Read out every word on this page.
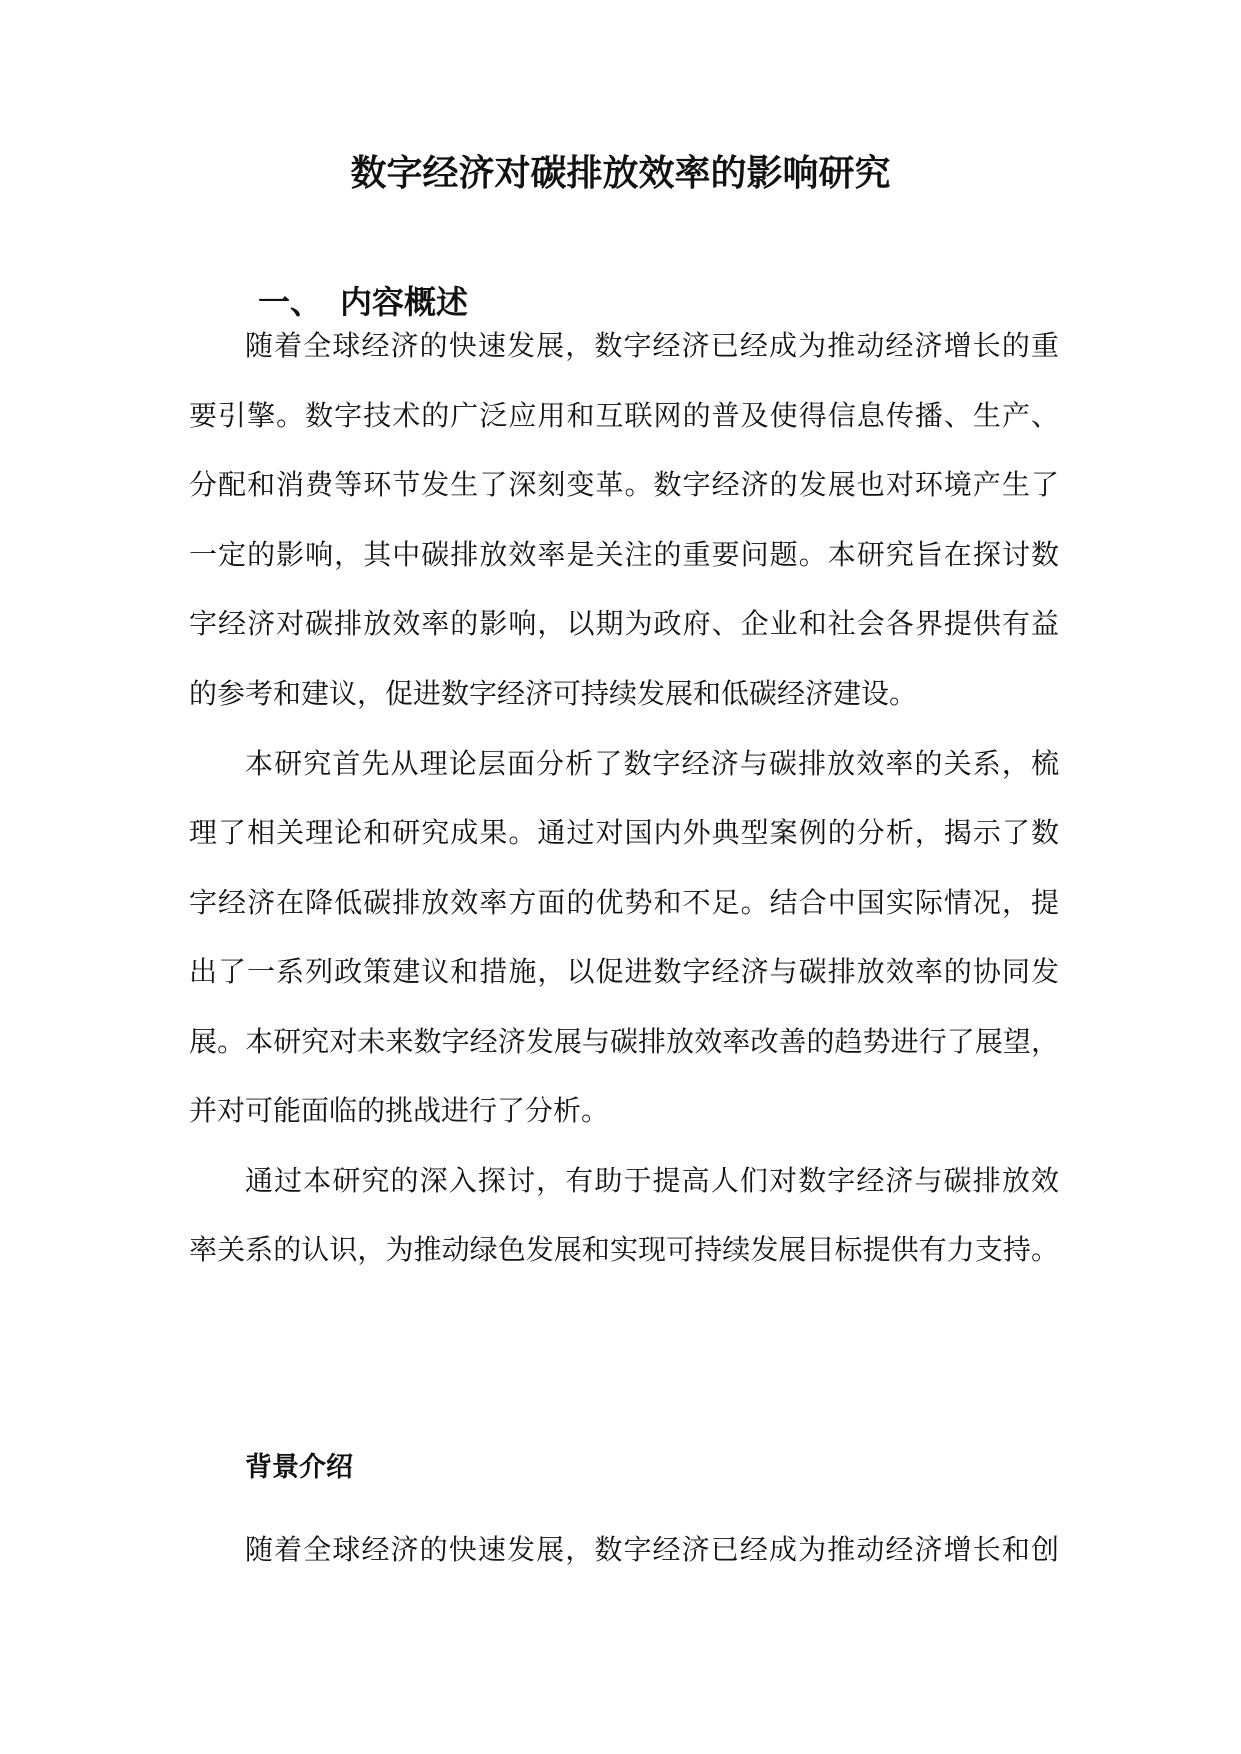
数字经济对碳排放效率的影响研究
一、 内容概述
随着全球经济的快速发展，数字经济已经成为推动经济增长的重
要引擎。数字技术的广泛应用和互联网的普及使得信息传播、生产、
分配和消费等环节发生了深刻变革。数字经济的发展也对环境产生了
一定的影响，其中碳排放效率是关注的重要问题。本研究旨在探讨数
字经济对碳排放效率的影响，以期为政府、企业和社会各界提供有益
的参考和建议，促进数字经济可持续发展和低碳经济建设。
本研究首先从理论层面分析了数字经济与碳排放效率的关系，梳
理了相关理论和研究成果。通过对国内外典型案例的分析，揭示了数
字经济在降低碳排放效率方面的优势和不足。结合中国实际情况，提
出了一系列政策建议和措施，以促进数字经济与碳排放效率的协同发
展。本研究对未来数字经济发展与碳排放效率改善的趋势进行了展望，
并对可能面临的挑战进行了分析。
通过本研究的深入探讨，有助于提高人们对数字经济与碳排放效
率关系的认识，为推动绿色发展和实现可持续发展目标提供有力支持。
背景介绍
随着全球经济的快速发展，数字经济已经成为推动经济增长和创
